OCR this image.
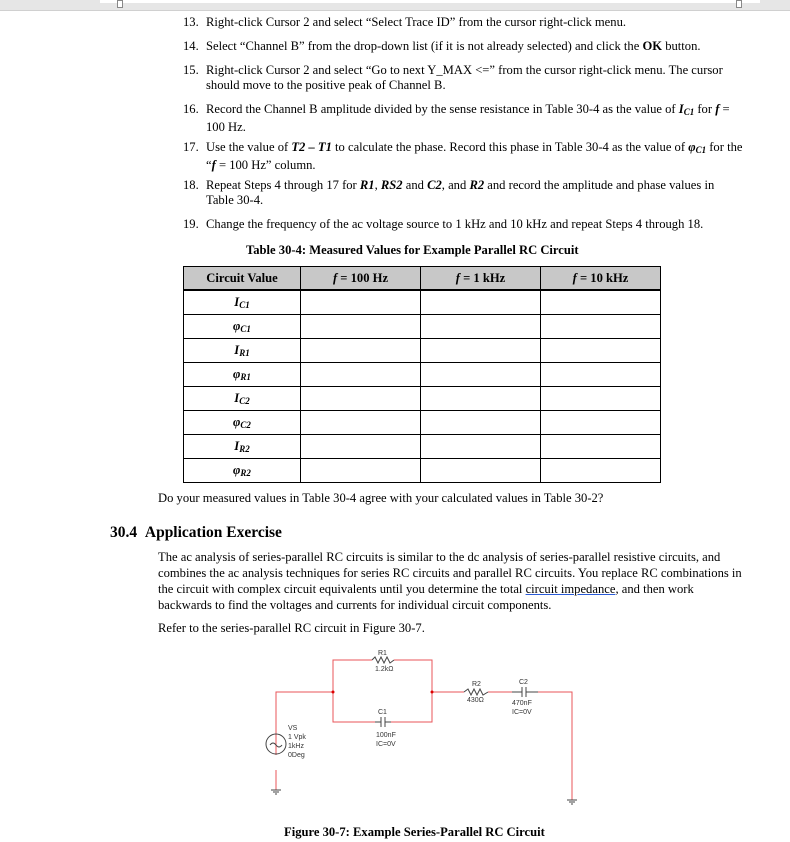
13. Right-click Cursor 2 and select “Select Trace ID” from the cursor right-click menu.
14. Select “Channel B” from the drop-down list (if it is not already selected) and click the OK button.
15. Right-click Cursor 2 and select “Go to next Y_MAX <=” from the cursor right-click menu. The cursor should move to the positive peak of Channel B.
16. Record the Channel B amplitude divided by the sense resistance in Table 30-4 as the value of $I_{C1}$ for f = 100 Hz.
17. Use the value of T2 – T1 to calculate the phase. Record this phase in Table 30-4 as the value of $\varphi_{C1}$ for the “f = 100 Hz” column.
18. Repeat Steps 4 through 17 for R1, RS2 and C2, and R2 and record the amplitude and phase values in Table 30-4.
19. Change the frequency of the ac voltage source to 1 kHz and 10 kHz and repeat Steps 4 through 18.
Table 30-4: Measured Values for Example Parallel RC Circuit
Circuit Value	f = 100 Hz	f = 1 kHz	f = 10 kHz
$I_{C1}$			
$\varphi_{C1}$			
$I_{R1}$			
$\varphi_{R1}$			
$I_{C2}$			
$\varphi_{C2}$			
$I_{R2}$			
$\varphi_{R2}$			
Do your measured values in Table 30-4 agree with your calculated values in Table 30-2?
30.4 Application Exercise
The ac analysis of series-parallel RC circuits is similar to the dc analysis of series-parallel resistive circuits, and combines the ac analysis techniques for series RC circuits and parallel RC circuits. You replace RC combinations in the circuit with complex circuit equivalents until you determine the total circuit impedance, and then work backwards to find the voltages and currents for individual circuit components.
Refer to the series-parallel RC circuit in Figure 30-7.
R1
1.2kΩ
R2
430Ω
C1
100nF
IC=0V
C2
470nF
IC=0V
VS
1 Vpk
1kHz
0Deg
Figure 30-7: Example Series-Parallel RC Circuit
